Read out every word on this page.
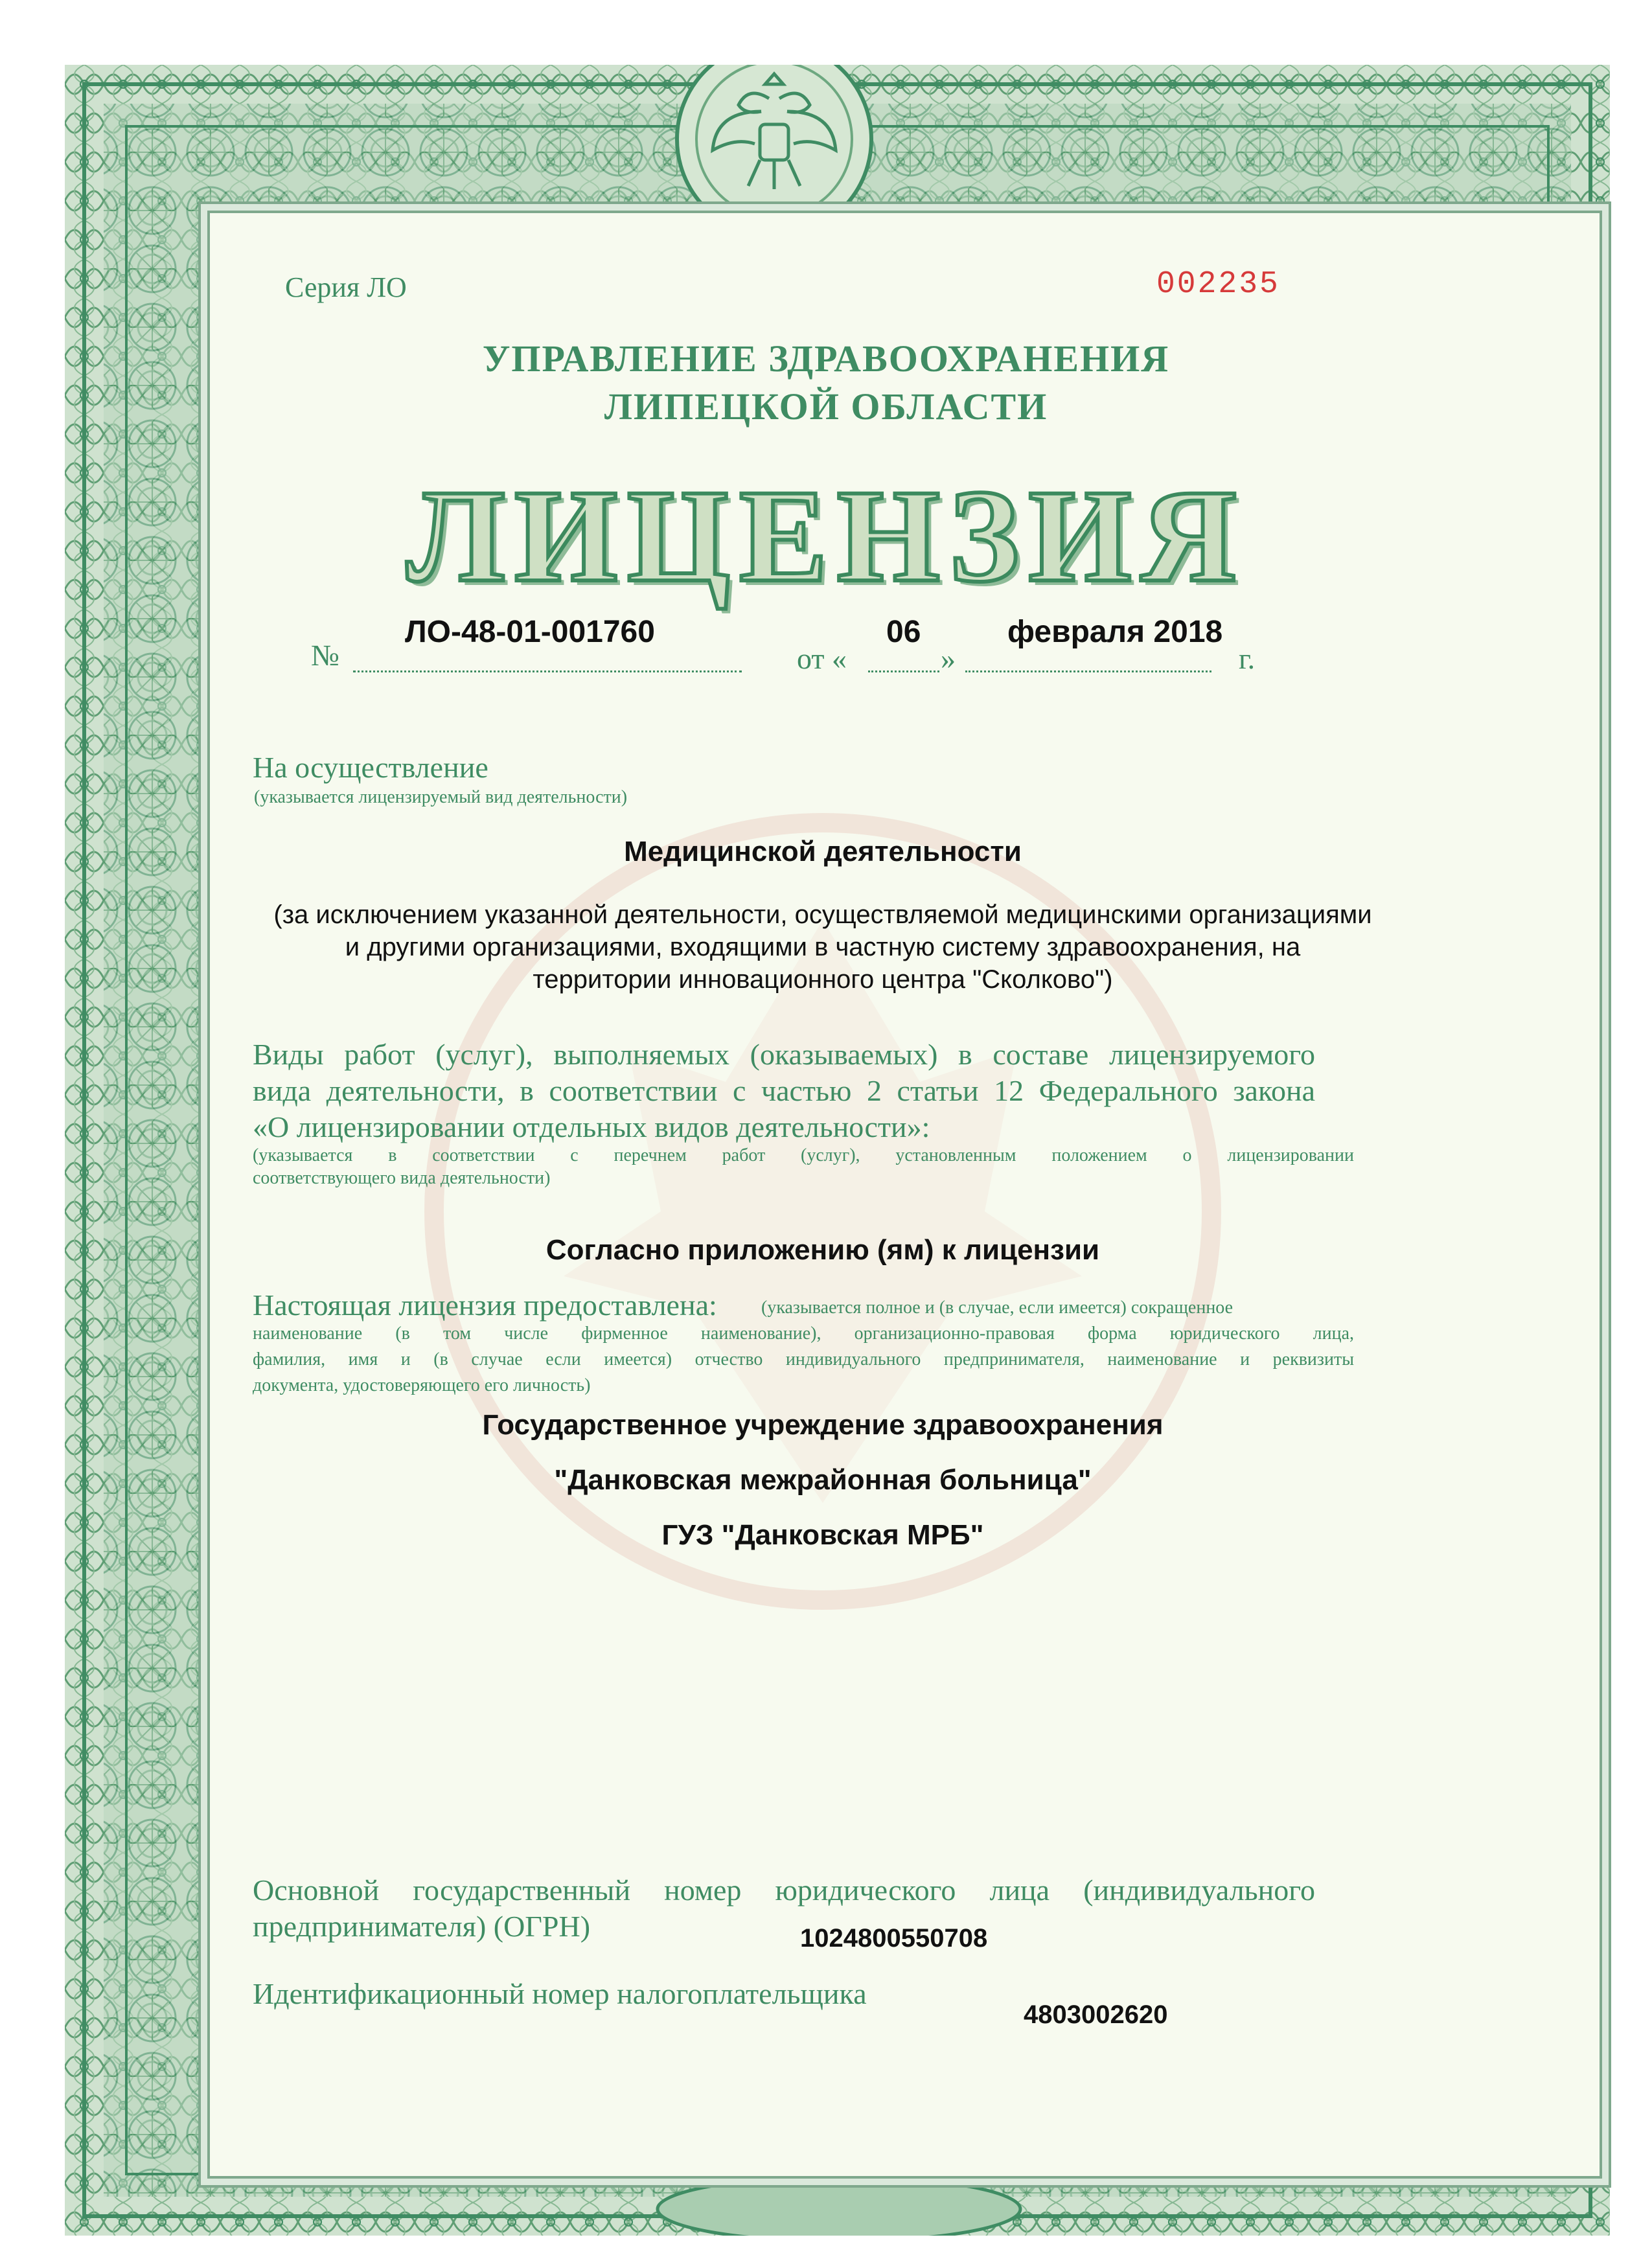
Серия ЛО	002235

УПРАВЛЕНИЕ ЗДРАВООХРАНЕНИЯ

ЛИПЕЦКОЙ ОБЛАСТИ

ЛИЦЕНЗИЯ

№

ЛО-48-01-001760

от «

06

»

февраля 2018

г.

На осуществление

(указывается лицензируемый вид деятельности)

Медицинской деятельности

(за исключением указанной деятельности, осуществляемой медицинскими организациями

и другими организациями, входящими в частную систему здравоохранения, на

территории инновационного центра "Сколково")

Виды работ (услуг), выполняемых (оказываемых) в составе лицензируемого

вида деятельности, в соответствии с частью 2 статьи 12 Федерального закона

«О лицензировании отдельных видов деятельности»:

(указывается в соответствии с перечнем работ (услуг), установленным положением о лицензировании

соответствующего вида деятельности)

Согласно приложению (ям) к лицензии

Настоящая лицензия предоставлена: (указывается полное и (в случае, если имеется) сокращенное

наименование (в том числе фирменное наименование), организационно-правовая форма юридического лица,

фамилия, имя и (в случае если имеется) отчество индивидуального предпринимателя, наименование и реквизиты

документа, удостоверяющего его личность)

Государственное учреждение здравоохранения

"Данковская межрайонная больница"

ГУЗ "Данковская МРБ"

Основной государственный номер юридического лица (индивидуального

предпринимателя) (ОГРН)	1024800550708

Идентификационный номер налогоплательщика

4803002620
